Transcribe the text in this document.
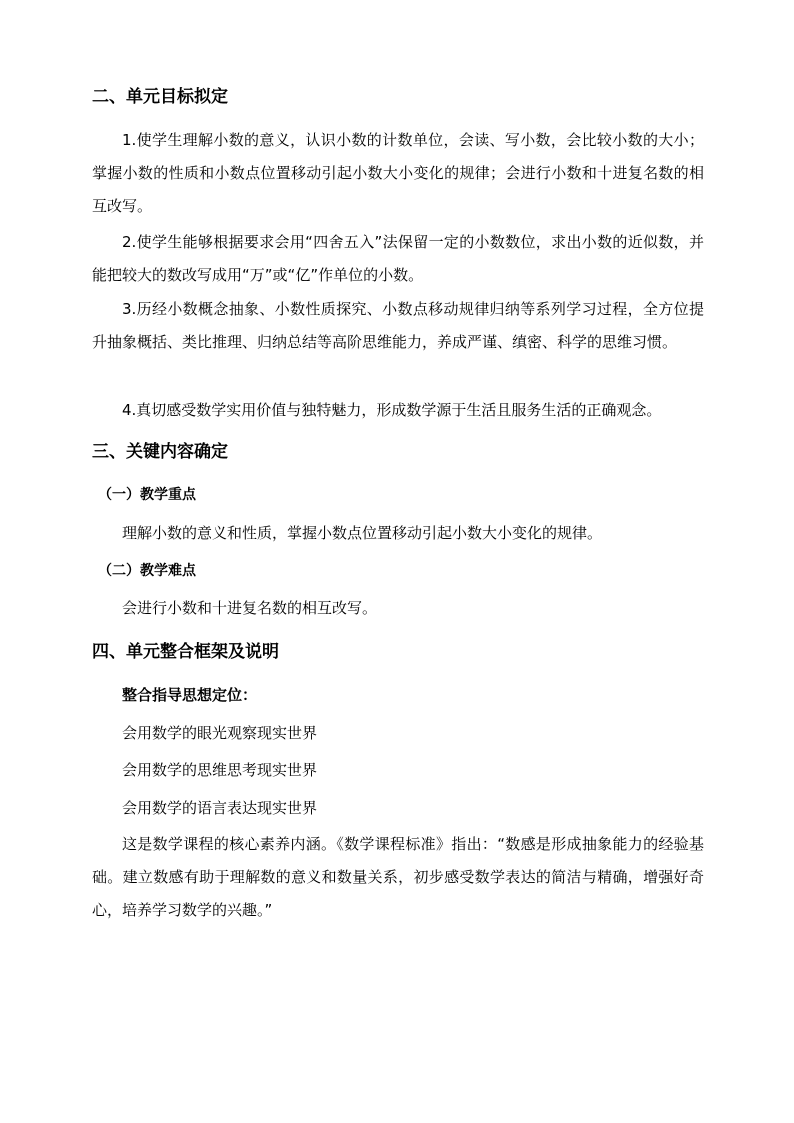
二、单元目标拟定
1.使学生理解小数的意义，认识小数的计数单位，会读、写小数，会比较小数的大小；掌握小数的性质和小数点位置移动引起小数大小变化的规律；会进行小数和十进复名数的相互改写。
2.使学生能够根据要求会用“四舍五入”法保留一定的小数数位，求出小数的近似数，并能把较大的数改写成用“万”或“亿”作单位的小数。
3.历经小数概念抽象、小数性质探究、小数点移动规律归纳等系列学习过程，全方位提升抽象概括、类比推理、归纳总结等高阶思维能力，养成严谨、缜密、科学的思维习惯。
4.真切感受数学实用价值与独特魅力，形成数学源于生活且服务生活的正确观念。
三、关键内容确定
（一）教学重点
理解小数的意义和性质，掌握小数点位置移动引起小数大小变化的规律。
（二）教学难点
会进行小数和十进复名数的相互改写。
四、单元整合框架及说明
整合指导思想定位：
会用数学的眼光观察现实世界
会用数学的思维思考现实世界
会用数学的语言表达现实世界
这是数学课程的核心素养内涵。《数学课程标准》指出：“数感是形成抽象能力的经验基础。建立数感有助于理解数的意义和数量关系，初步感受数学表达的简洁与精确，增强好奇心，培养学习数学的兴趣。”
